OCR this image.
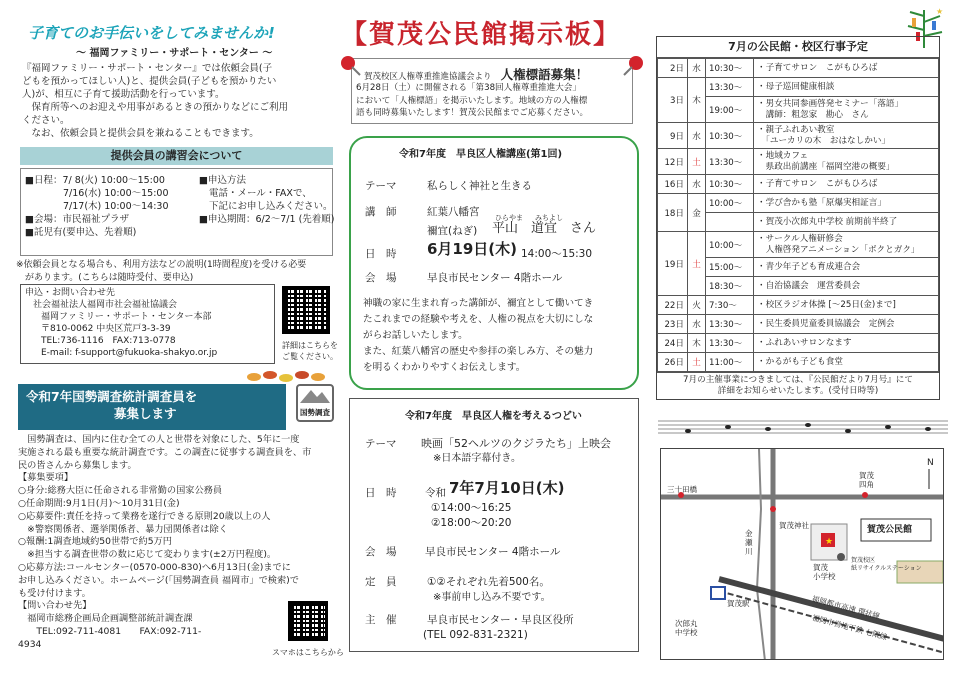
子育てのお手伝いをしてみませんか!
～ 福岡ファミリー・サポート・センター ～
『福岡ファミリー・サポート・センター』では依頼会員(子
どもを預かってほしい人)と、提供会員(子どもを預かりたい
人)が、相互に子育て援助活動を行っています。
　保育所等へのお迎えや用事があるときの預かりなどにご利用
ください。
　なお、依頼会員と提供会員を兼ねることもできます。
提供会員の講習会について
■日程：7/ 8(火) 10:00～15:00
　　　　7/16(水) 10:00～15:00
　　　　7/17(木) 10:00～14:30
■会場：市民福祉プラザ
■託児有(要申込、先着順)
■申込方法
電話・メール・FAXで、
下記にお申し込みください。
■申込期間：6/2～7/1 (先着順)
※依頼会員となる場合も、利用方法などの説明(1時間程度)を受ける必要
　があります。(こちらは随時受付、要申込)
申込・お問い合わせ先
社会福祉法人福岡市社会福祉協議会
福岡ファミリー・サポート・センター本部
〒810-0062 中央区荒戸3-3-39
TEL:736-1116　FAX:713-0778
E-mail: f-support@fukuoka-shakyo.or.jp
詳細はこちらを
ご覧ください。
令和7年国勢調査統計調査員を
募集します	国勢調査
　国勢調査は、国内に住む全ての人と世帯を対象にした、5年に一度
実施される最も重要な統計調査です。この調査に従事する調査員を、市
民の皆さんから募集します。
【募集要項】
○身分:総務大臣に任命される非常勤の国家公務員
○任命期間:9月1日(月)～10月31日(金)
○応募要件:責任を持って業務を遂行できる原則20歳以上の人
　※警察関係者、選挙関係者、暴力団関係者は除く
○報酬:1調査地域約50世帯で約5万円
　※担当する調査世帯の数に応じて変わります(±2万円程度)。
○応募方法:コールセンター(0570-000-830)へ6月13日(金)までに
お申し込みください。ホームページ(「国勢調査員 福岡市」で検索)で
も受け付けます。
【問い合わせ先】
　福岡市総務企画局企画調整部統計調査課
　　TEL:092-711-4081　　FAX:092-711-
4934
スマホはこちらから
【賀茂公民館掲示板】
賀茂校区人権尊重推進協議会より 人権標語募集！
6月28日（土）に開催される「第38回人権尊重推進大会」
において「人権標語」を掲示いたします。地域の方の人権標
語も同時募集いたします！賀茂公民館までご応募ください。
令和7年度　早良区人権講座(第1回)
テーマ	私らしく神社と生きる
講　師	紅葉八幡宮 ひらやま みちよし
禰宜(ねぎ) 平山　道宜　さん
日　時 6月19日(木) 14:00～15:30
会　場	早良市民センター 4階ホール
神職の家に生まれ育った講師が、禰宜として働いてき
たこれまでの経験や考えを、人権の視点を大切にしな
がらお話しいたします。
また、紅葉八幡宮の歴史や参拝の楽しみ方、その魅力
を明るくわかりやすくお伝えします。
令和7年度　早良区人権を考えるつどい
テーマ 映画「52ヘルツのクジラたち」上映会
※日本語字幕付き。
日　時	令和 7年7月10日(木)
①14:00～16:25
②18:00～20:20
会　場	早良市民センター 4階ホール
定　員	①②それぞれ先着500名。
※事前申し込み不要です。
主　催	早良市民センター・早良区役所
(TEL 092-831-2321)
★
7月の公民館・校区行事予定
2日	水	10:30～	・子育てサロン　こがもひろば
3日	木	13:30～	・母子巡回健康相談
		19:00～	・男女共同参画啓発セミナー「落語」
　講師：粗忽家　勘心　さん
9日	水	10:30～	・親子ふれあい教室
　「ユーカリの木　おはなしかい」
12日	土	13:30～	・地域カフェ
　県政出前講座「福岡空港の概要」
16日	水	10:30～	・子育てサロン　こがもひろば
18日	金	10:00～	・学び舎かも塾「原爆実相証言」
			・賀茂小次郎丸中学校 前期前半終了
19日	土	10:00～	・サークル人権研修会
　人権啓発アニメーション「ボクとガク」
		15:00～	・青少年子ども育成連合会
		18:30～	・自治協議会　運営委員会
22日	火	7:30～	・校区ラジオ体操 [～25日(金)まで]
23日	水	13:30～	・民生委員児童委員協議会　定例会
24日	木	13:30～	・ふれあいサロンなます
26日	土	11:00～	・かるがも子ども食堂
7月の主催事業につきましては、『公民館だより7月号』にて
詳細をお知らせいたします。(受付日時等)
★
N
三十田橋
賀茂
四角
賀茂神社	賀茂公民館
金
瀬
川
賀茂
小学校
賀茂校区
紙リサイクルステーション
次郎丸
中学校
賀茂駅	福岡都市高速 環状線
福岡市営地下鉄 七隈線
